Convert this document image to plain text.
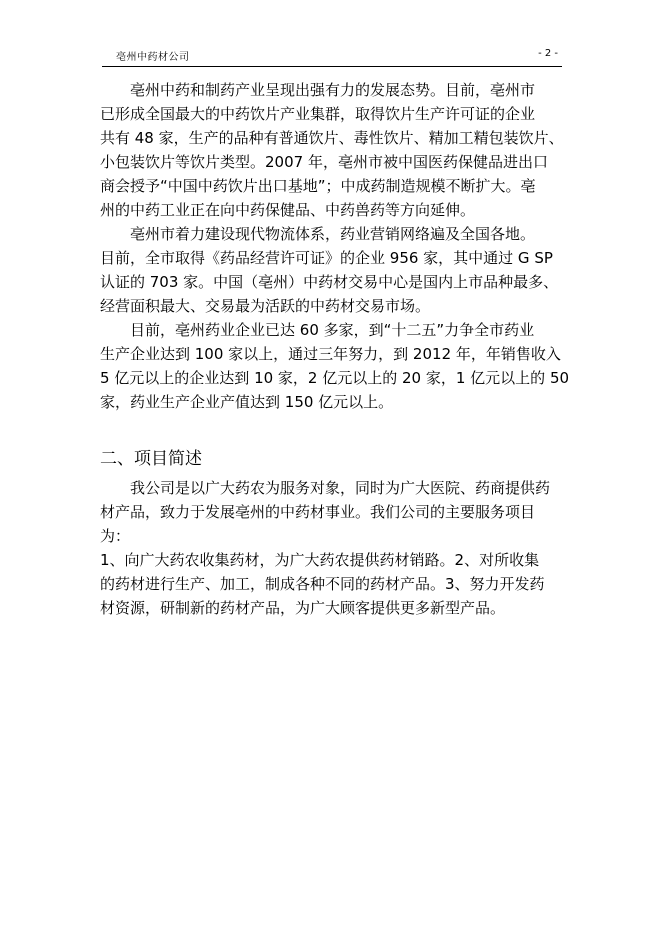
亳州中药材公司	- 2 -
亳州中药和制药产业呈现出强有力的发展态势。目前，亳州市
已形成全国最大的中药饮片产业集群，取得饮片生产许可证的企业
共有 48 家，生产的品种有普通饮片、毒性饮片、精加工精包装饮片、
小包装饮片等饮片类型。2007 年，亳州市被中国医药保健品进出口
商会授予“中国中药饮片出口基地”；中成药制造规模不断扩大。亳
州的中药工业正在向中药保健品、中药兽药等方向延伸。
亳州市着力建设现代物流体系，药业营销网络遍及全国各地。
目前，全市取得《药品经营许可证》的企业 956 家，其中通过 G SP
认证的 703 家。中国（亳州）中药材交易中心是国内上市品种最多、
经营面积最大、交易最为活跃的中药材交易市场。
目前，亳州药业企业已达 60 多家，到“十二五”力争全市药业
生产企业达到 100 家以上，通过三年努力，到 2012 年，年销售收入
5 亿元以上的企业达到 10 家，2 亿元以上的 20 家，1 亿元以上的 50
家，药业生产企业产值达到 150 亿元以上。
二、项目简述
我公司是以广大药农为服务对象，同时为广大医院、药商提供药
材产品，致力于发展亳州的中药材事业。我们公司的主要服务项目
为：
1、向广大药农收集药材，为广大药农提供药材销路。2、对所收集
的药材进行生产、加工，制成各种不同的药材产品。3、努力开发药
材资源，研制新的药材产品，为广大顾客提供更多新型产品。
